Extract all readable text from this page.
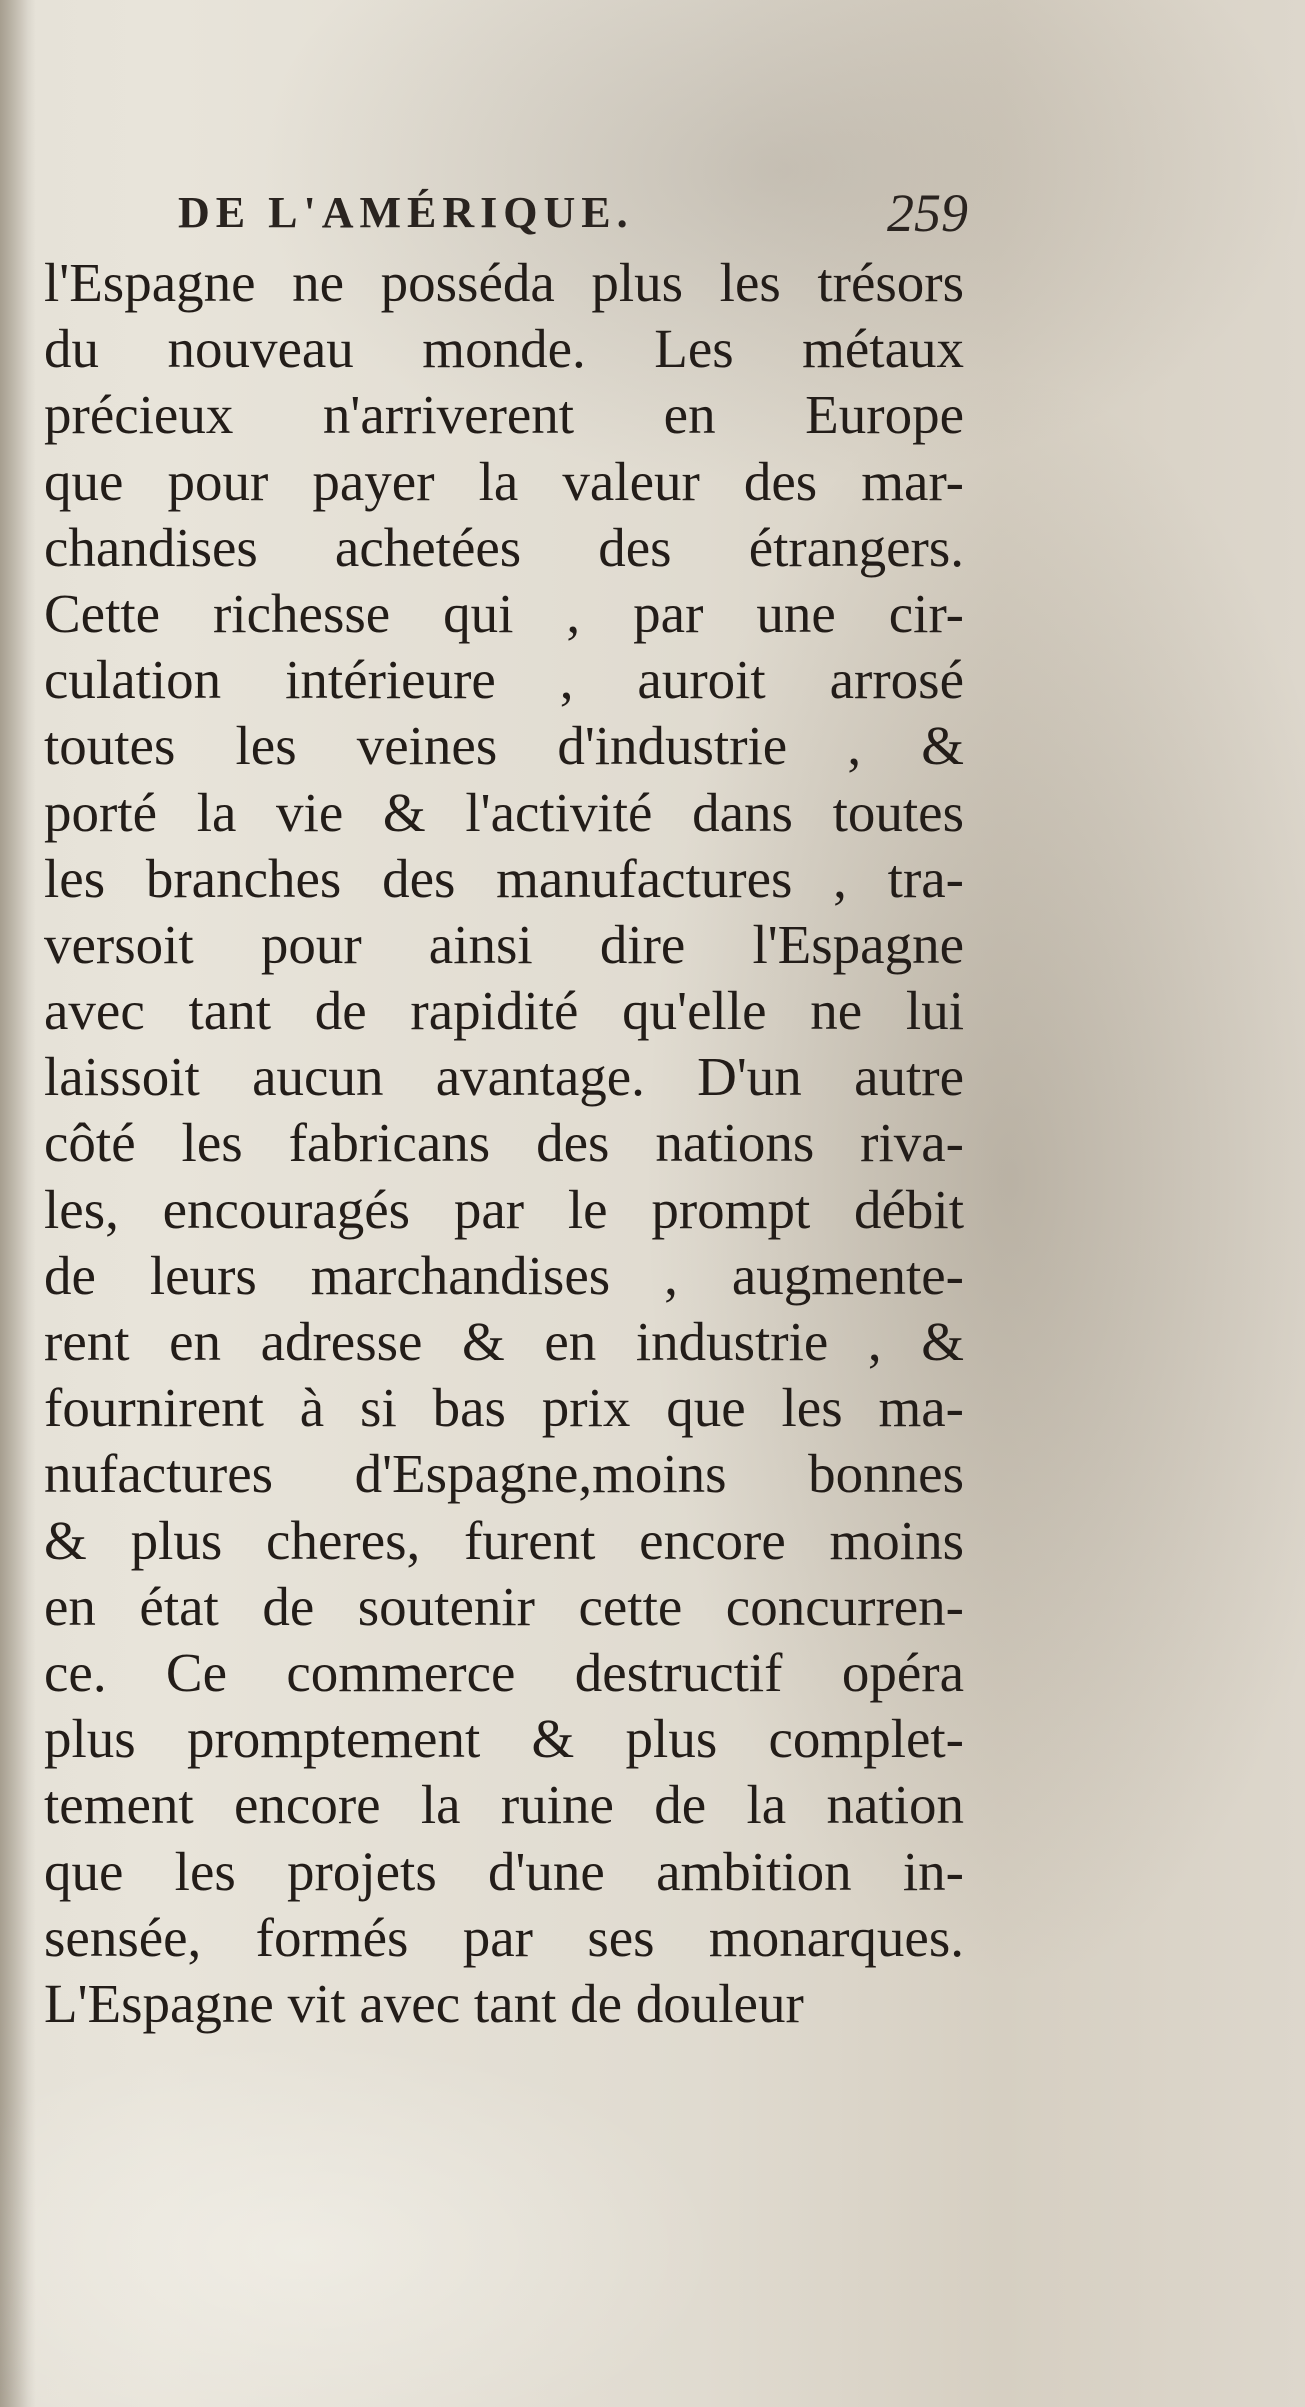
DE L'AMÉRIQUE.	259
l'Espagne ne posséda plus les trésors
du nouveau monde. Les métaux
précieux n'arriverent en Europe
que pour payer la valeur des mar-
chandises achetées des étrangers.
Cette richesse qui , par une cir-
culation intérieure , auroit arrosé
toutes les veines d'industrie , &
porté la vie & l'activité dans toutes
les branches des manufactures , tra-
versoit pour ainsi dire l'Espagne
avec tant de rapidité qu'elle ne lui
laissoit aucun avantage. D'un autre
côté les fabricans des nations riva-
les, encouragés par le prompt débit
de leurs marchandises , augmente-
rent en adresse & en industrie , &
fournirent à si bas prix que les ma-
nufactures d'Espagne,moins bonnes
& plus cheres, furent encore moins
en état de soutenir cette concurren-
ce. Ce commerce destructif opéra
plus promptement & plus complet-
tement encore la ruine de la nation
que les projets d'une ambition in-
sensée, formés par ses monarques.
L'Espagne vit avec tant de douleur
